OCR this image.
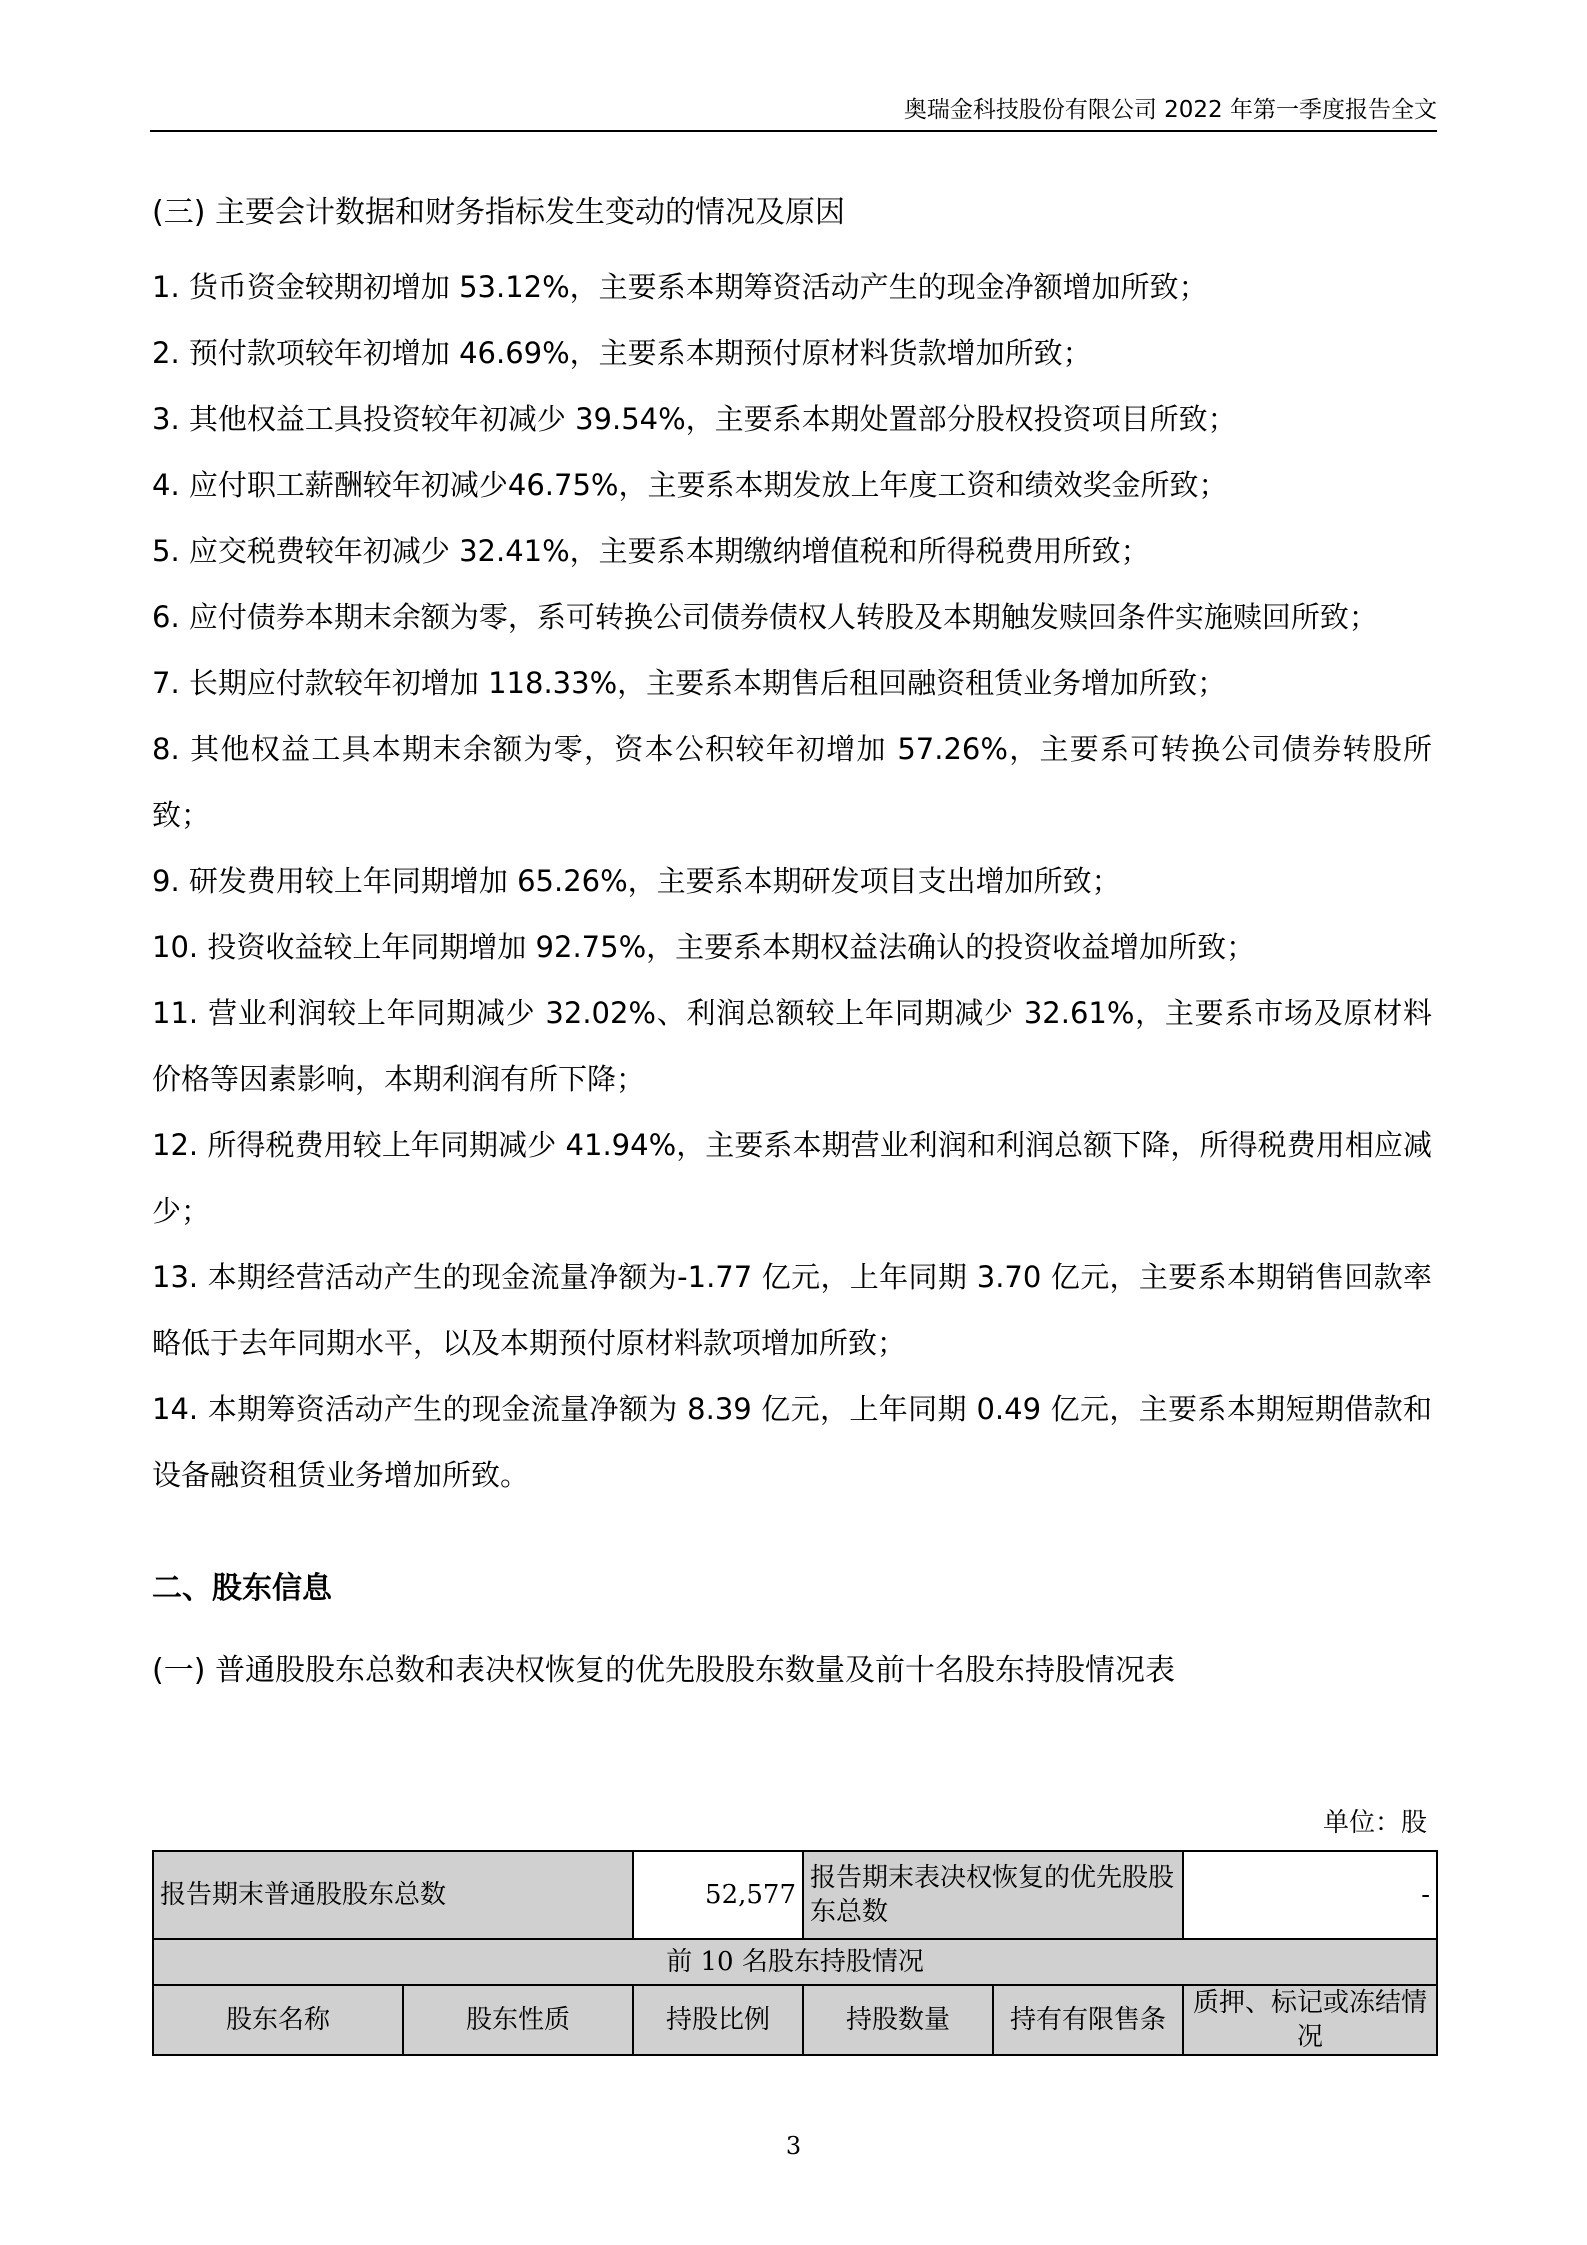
奥瑞金科技股份有限公司 2022 年第一季度报告全文

(三) 主要会计数据和财务指标发生变动的情况及原因

1. 货币资金较期初增加 53.12%，主要系本期筹资活动产生的现金净额增加所致；

2. 预付款项较年初增加 46.69%，主要系本期预付原材料货款增加所致；

3. 其他权益工具投资较年初减少 39.54%，主要系本期处置部分股权投资项目所致；

4. 应付职工薪酬较年初减少46.75%，主要系本期发放上年度工资和绩效奖金所致；

5. 应交税费较年初减少 32.41%，主要系本期缴纳增值税和所得税费用所致；

6. 应付债券本期末余额为零，系可转换公司债券债权人转股及本期触发赎回条件实施赎回所致；

7. 长期应付款较年初增加 118.33%，主要系本期售后租回融资租赁业务增加所致；

8. 其他权益工具本期末余额为零，资本公积较年初增加 57.26%，主要系可转换公司债券转股所致；

9. 研发费用较上年同期增加 65.26%，主要系本期研发项目支出增加所致；

10. 投资收益较上年同期增加 92.75%，主要系本期权益法确认的投资收益增加所致；

11. 营业利润较上年同期减少 32.02%、利润总额较上年同期减少 32.61%，主要系市场及原材料价格等因素影响，本期利润有所下降；

12. 所得税费用较上年同期减少 41.94%，主要系本期营业利润和利润总额下降，所得税费用相应减少；

13. 本期经营活动产生的现金流量净额为-1.77 亿元，上年同期 3.70 亿元，主要系本期销售回款率略低于去年同期水平，以及本期预付原材料款项增加所致；

14. 本期筹资活动产生的现金流量净额为 8.39 亿元，上年同期 0.49 亿元，主要系本期短期借款和设备融资租赁业务增加所致。

二、股东信息

(一) 普通股股东总数和表决权恢复的优先股股东数量及前十名股东持股情况表

单位：股
报告期末普通股股东总数		52,577	报告期末表决权恢复的优先股股东总数		-
前 10 名股东持股情况					
股东名称	股东性质	持股比例	持股数量	持有有限售条	质押、标记或冻结情况
3
